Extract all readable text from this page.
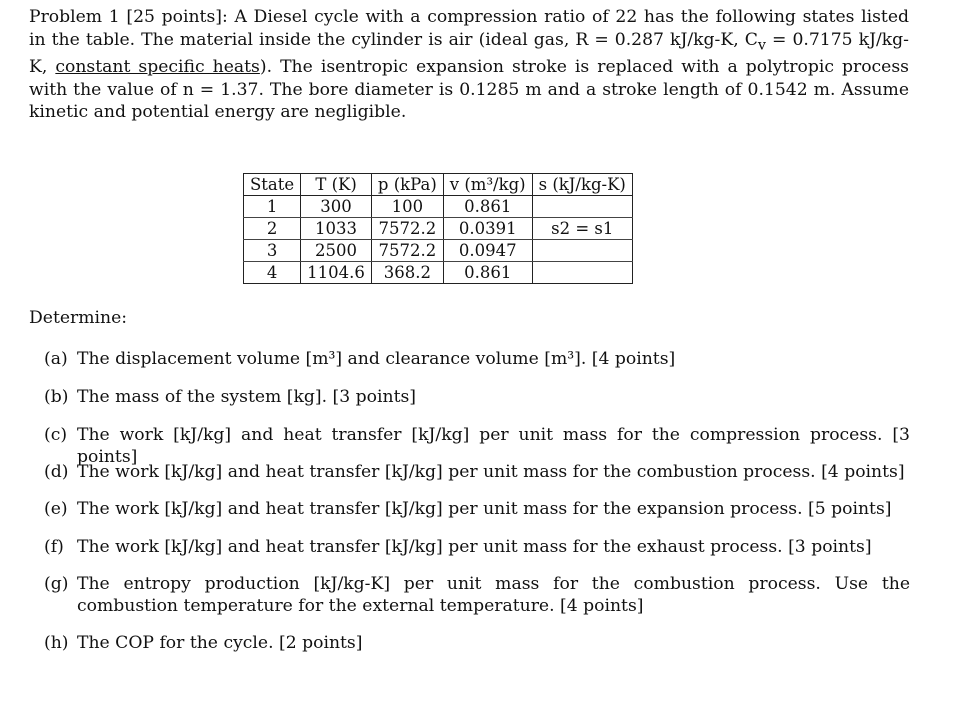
Problem 1 [25 points]: A Diesel cycle with a compression ratio of 22 has the following states listed in the table. The material inside the cylinder is air (ideal gas, R = 0.287 kJ/kg-K, $C_v = 0.7175$ kJ/kg-K, constant specific heats). The isentropic expansion stroke is replaced with a polytropic process with the value of n = 1.37. The bore diameter is 0.1285 m and a stroke length of 0.1542 m. Assume kinetic and potential energy are negligible.
State	T (K)	p (kPa)	v (m³/kg)	s (kJ/kg-K)
1	300	100	0.861	
2	1033	7572.2	0.0391	s2 = s1
3	2500	7572.2	0.0947	
4	1104.6	368.2	0.861	
Determine:
(a) The displacement volume [m³] and clearance volume [m³]. [4 points]
(b) The mass of the system [kg]. [3 points]
(c) The work [kJ/kg] and heat transfer [kJ/kg] per unit mass for the compression process. [3 points]
(d) The work [kJ/kg] and heat transfer [kJ/kg] per unit mass for the combustion process. [4 points]
(e) The work [kJ/kg] and heat transfer [kJ/kg] per unit mass for the expansion process. [5 points]
(f) The work [kJ/kg] and heat transfer [kJ/kg] per unit mass for the exhaust process. [3 points]
(g) The entropy production [kJ/kg-K] per unit mass for the combustion process. Use the combustion temperature for the external temperature. [4 points]
(h) The COP for the cycle. [2 points]
